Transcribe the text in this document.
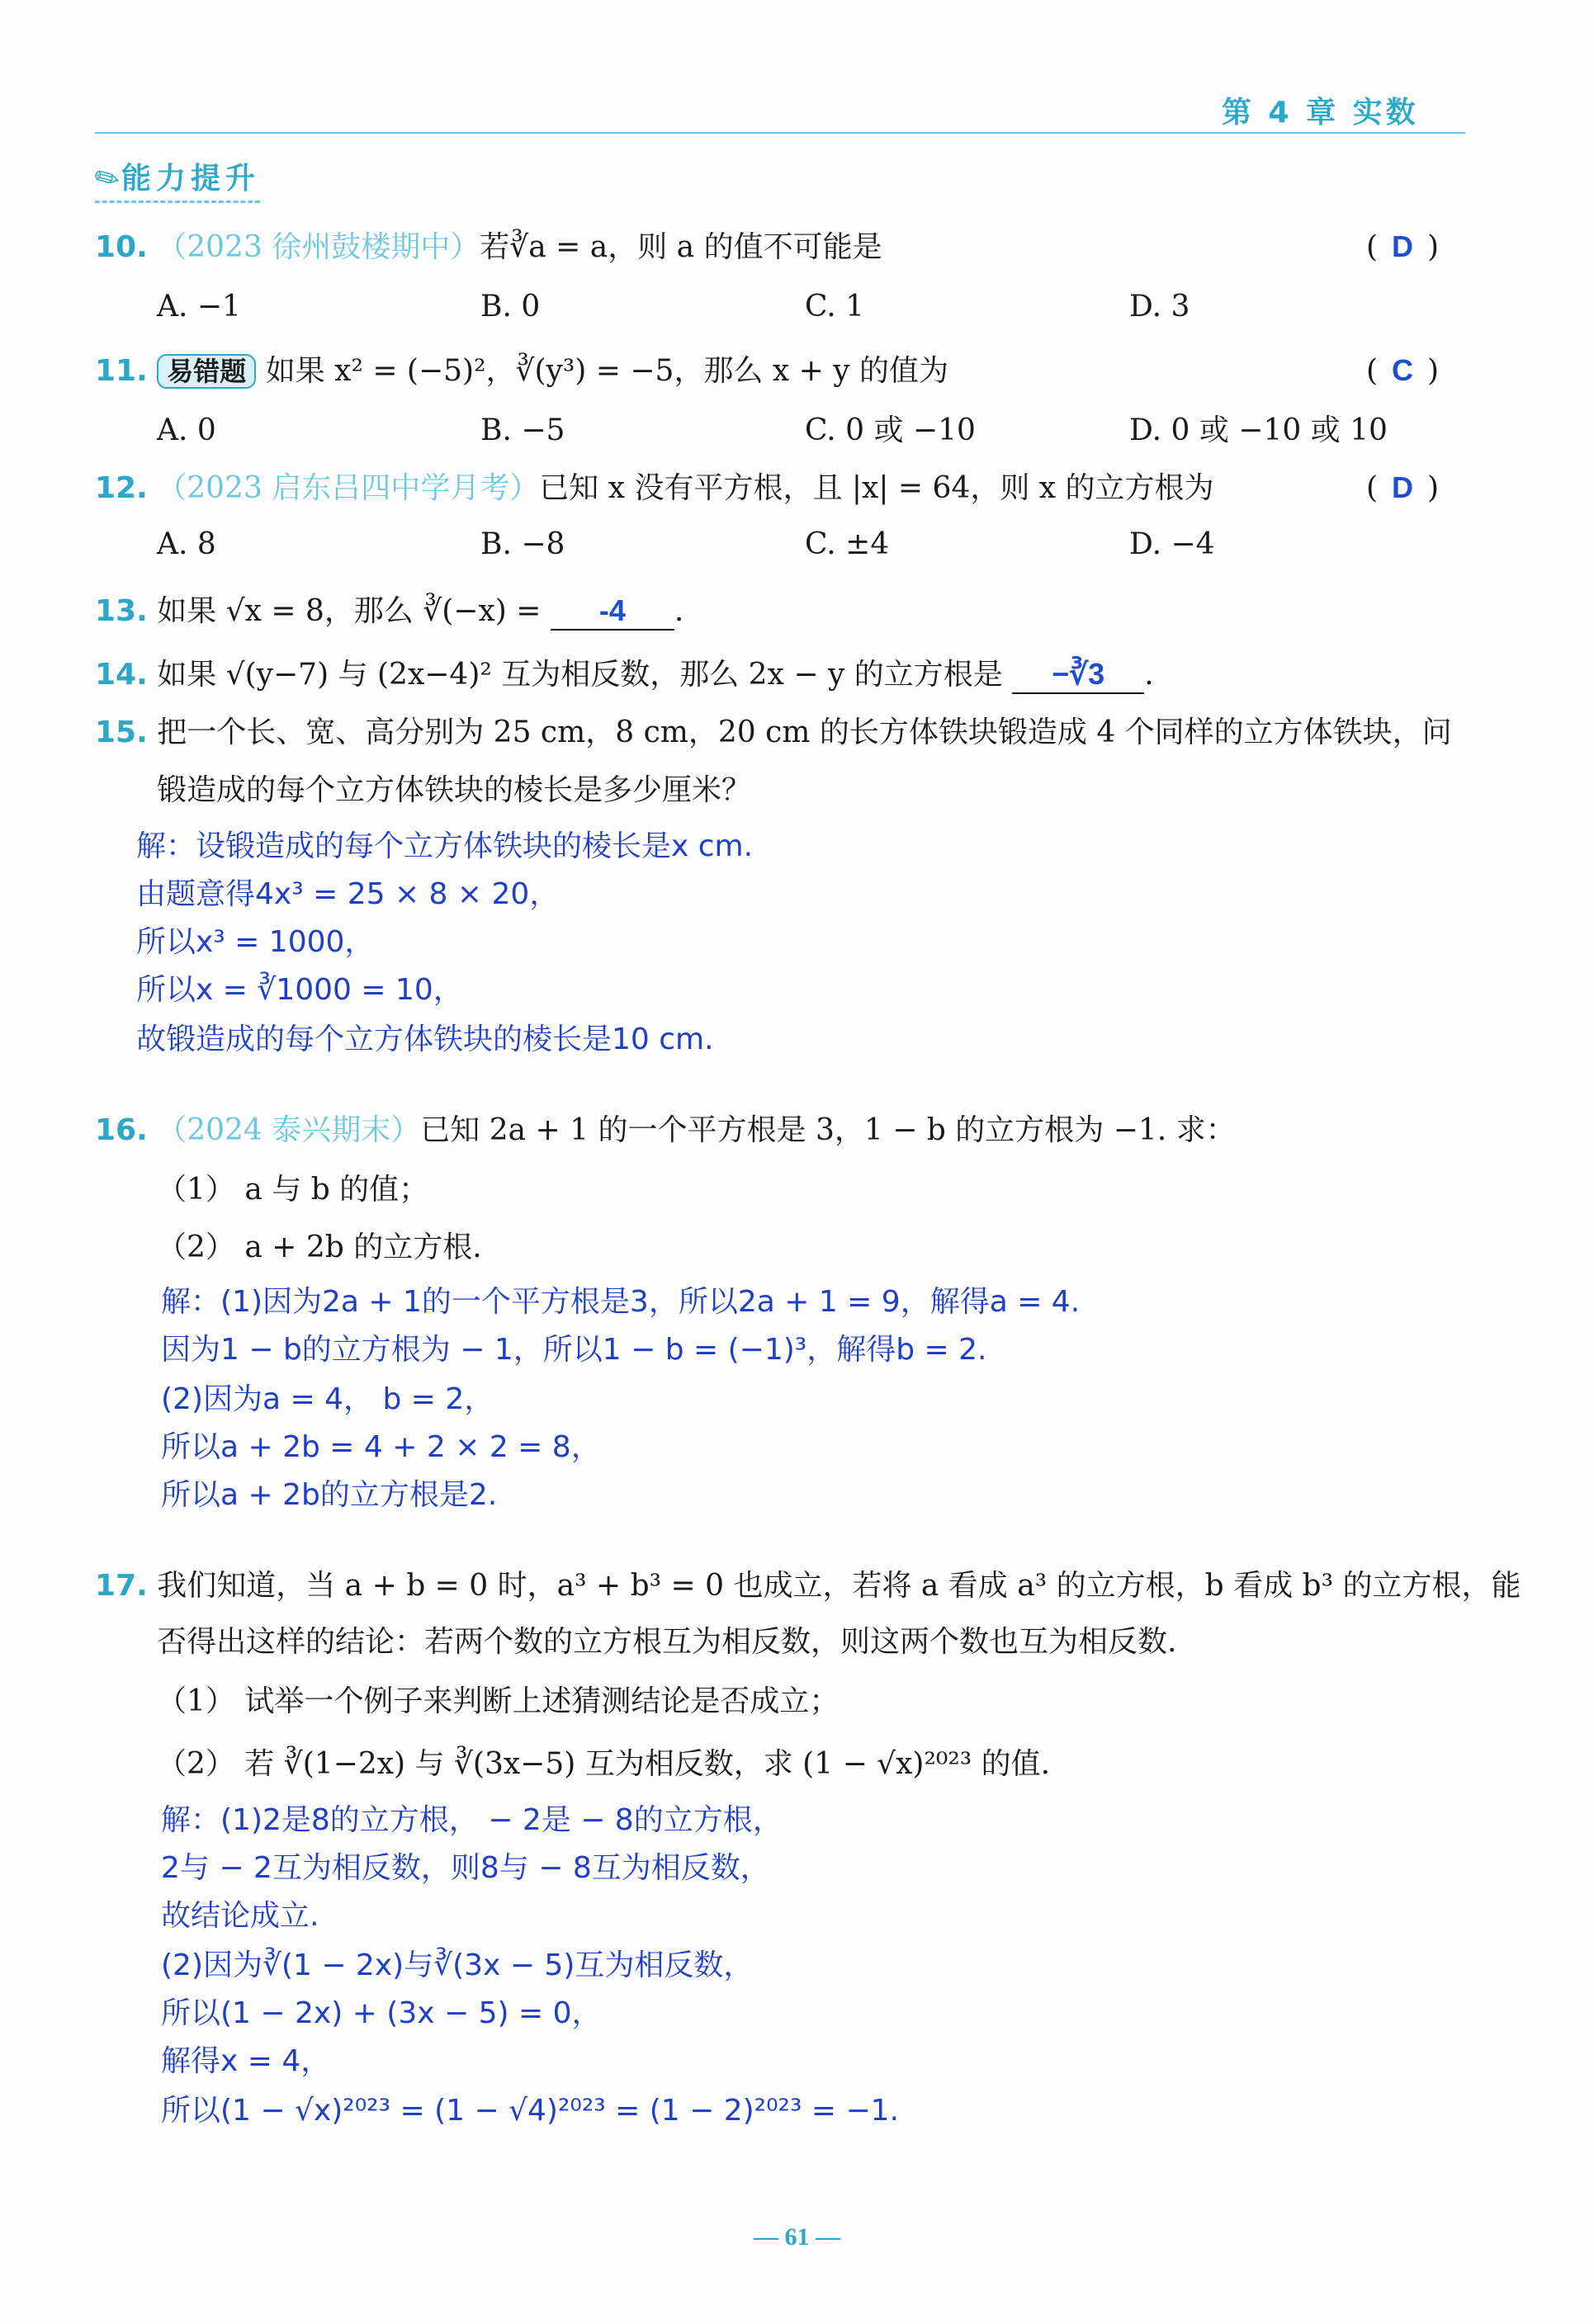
第 4 章 实数
✎能力提升
10. （2023 徐州鼓楼期中）若∛a = a，则 a 的值不可能是	( D )
A. −1	B. 0	C. 1	D. 3
11. 易错题 如果 x² = (−5)²，∛(y³) = −5，那么 x + y 的值为	( C )
A. 0	B. −5	C. 0 或 −10	D. 0 或 −10 或 10
12. （2023 启东吕四中学月考）已知 x 没有平方根，且 |x| = 64，则 x 的立方根为	( D )
A. 8	B. −8	C. ±4	D. −4
13. 如果 √x = 8，那么 ∛(−x) = -4 .
14. 如果 √(y−7) 与 (2x−4)² 互为相反数，那么 2x − y 的立方根是 −∛3 .
15. 把一个长、宽、高分别为 25 cm，8 cm，20 cm 的长方体铁块锻造成 4 个同样的立方体铁块，问
锻造成的每个立方体铁块的棱长是多少厘米？
解：设锻造成的每个立方体铁块的棱长是x cm.
由题意得4x³ = 25 × 8 × 20，
所以x³ = 1000，
所以x = ∛1000 = 10，
故锻造成的每个立方体铁块的棱长是10 cm.
16. （2024 泰兴期末）已知 2a + 1 的一个平方根是 3，1 − b 的立方根为 −1. 求：
（1） a 与 b 的值；
（2） a + 2b 的立方根.
解：(1)因为2a + 1的一个平方根是3，所以2a + 1 = 9，解得a = 4.
因为1 − b的立方根为 − 1，所以1 − b = (−1)³，解得b = 2.
(2)因为a = 4， b = 2，
所以a + 2b = 4 + 2 × 2 = 8，
所以a + 2b的立方根是2.
17. 我们知道，当 a + b = 0 时，a³ + b³ = 0 也成立，若将 a 看成 a³ 的立方根，b 看成 b³ 的立方根，能
否得出这样的结论：若两个数的立方根互为相反数，则这两个数也互为相反数.
（1） 试举一个例子来判断上述猜测结论是否成立；
（2） 若 ∛(1−2x) 与 ∛(3x−5) 互为相反数，求 (1 − √x)²⁰²³ 的值.
解：(1)2是8的立方根， − 2是 − 8的立方根，
2与 − 2互为相反数，则8与 − 8互为相反数，
故结论成立.
(2)因为∛(1 − 2x)与∛(3x − 5)互为相反数，
所以(1 − 2x) + (3x − 5) = 0，
解得x = 4，
所以(1 − √x)²⁰²³ = (1 − √4)²⁰²³ = (1 − 2)²⁰²³ = −1.
— 61 —
